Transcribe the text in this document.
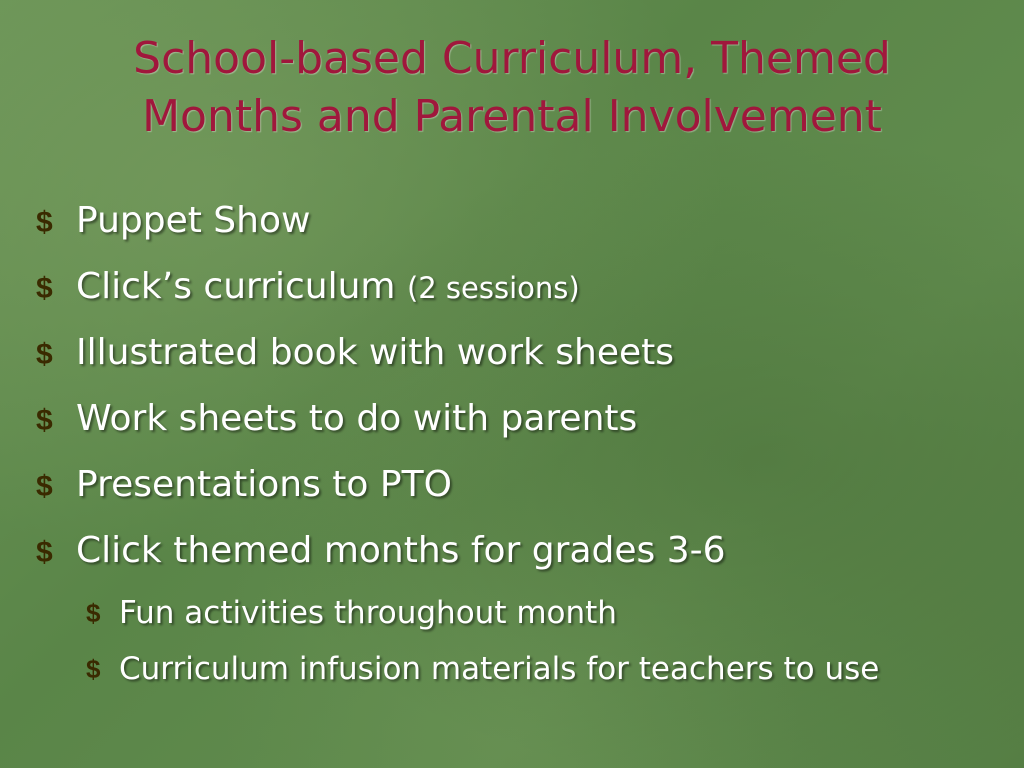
School-based Curriculum, Themed
Months and Parental Involvement
$ Puppet Show
$ Click’s curriculum (2 sessions)
$ Illustrated book with work sheets
$ Work sheets to do with parents
$ Presentations to PTO
$ Click themed months for grades 3-6
$ Fun activities throughout month
$ Curriculum infusion materials for teachers to use
